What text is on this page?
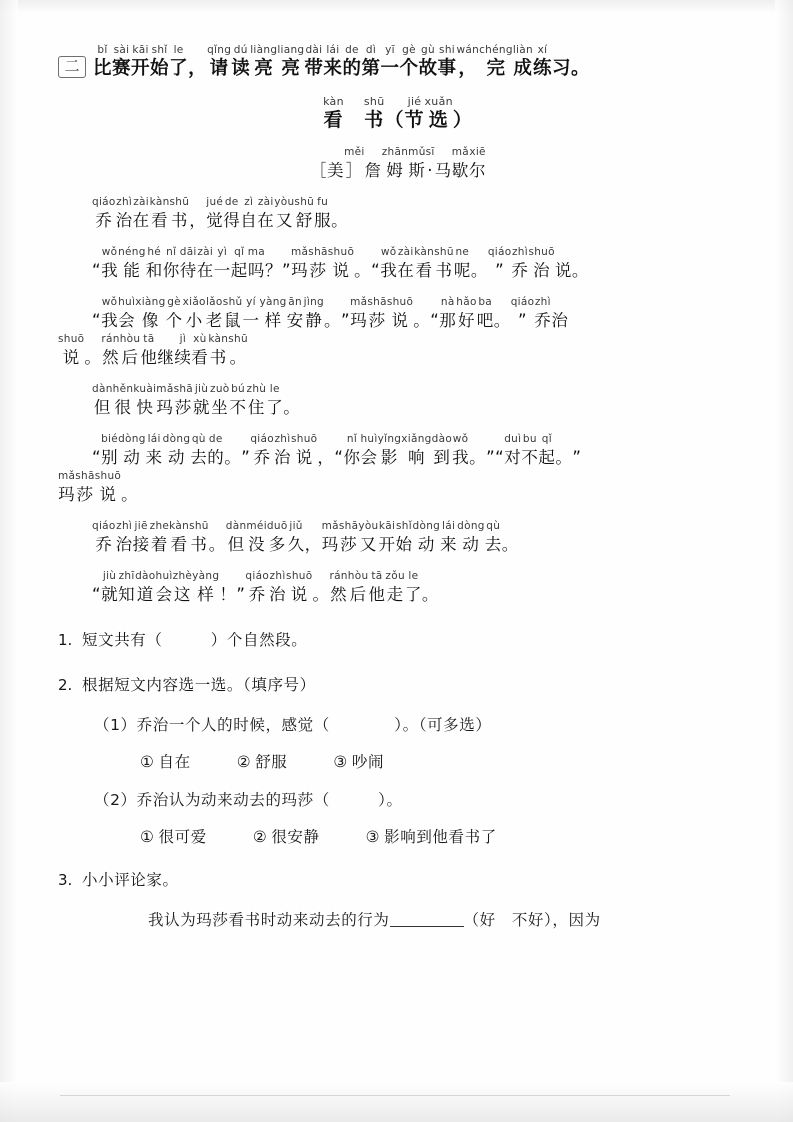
二
bǐ
比
sài
赛
kāi
开
shǐ
始
le
了
，
qǐng
请
dú
读
liàng
亮
liang
亮
dài
带
lái
来
de
的
dì
第
yī
一
gè
个
gù
故
shi
事
wán
，
chéng
完
liàn
成
xí
练
习
。
kàn
看

shū
书
（
jié
节
xuǎn
选
）

［
美
měi
］
詹
zhān
姆
mǔ
斯
sī
·
马
mǎ
歇
xiē
尔
qiáo
乔
zhì
治
zài
在
kàn
看
shū
书
，
jué
觉
de
得
zì
自
zài
在
yòu
又
shū
舒
fu
服
。

“
wǒ
我
néng
能
hé
和
nǐ
你
dāi
待
zài
在
yì
一
qǐ
起
ma
吗
？
”
mǎ
玛
shā
莎
shuō
说
。
“
wǒ
我
zài
在
kàn
看
shū
书
ne
呢
。
qiáo
”
zhì
乔
shuō
治
说
。

“
wǒ
我
huì
会
xiàng
像
gè
个
xiǎo
小
lǎo
老
shǔ
鼠
yí
一
yàng
样
ān
安
jìng
静
。
”
mǎ
玛
shā
莎
shuō
说
。
“
nà
那
hǎo
好
ba
吧
。
qiáo
”
zhì
乔
治
shuō
说
。
rán
然
hòu
后
tā
他
继
jì
续
xù
看
kàn
书
shū
。
dàn
但
hěn
很
kuài
快
mǎ
玛
shā
莎
jiù
就
zuò
坐
bú
不
zhù
住
le
了
。

“
bié
别
dòng
动
lái
来
dòng
动
qù
去
de
的
。
”
qiáo
乔
zhì
治
shuō
说
，
“
nǐ
你
huì
会
yǐng
影
xiǎng
响
dào
到
wǒ
我
。
”
“
duì
对
bu
不
qǐ
起
。
”
mǎ
玛
shā
莎
shuō
说
。
qiáo
乔
zhì
治
jiē
接
zhe
着
kàn
看
shū
书
。
dàn
但
méi
没
duō
多
jiǔ
久
，
mǎ
玛
shā
莎
yòu
又
kāi
开
shǐ
始
dòng
动
lái
来
dòng
动
qù
去
。

“
jiù
就
zhī
知
dào
道
huì
会
zhè
这
yàng
样
！
”
qiáo
乔
zhì
治
shuō
说
。
rán
然
hòu
后
tā
他
zǒu
走
le
了
。
1. 短文共有（　　　）个自然段。
2. 根据短文内容选一选。（填序号）
（1）乔治一个人的时候，感觉（　　　　）。（可多选）
① 自在	② 舒服	③ 吵闹
（2）乔治认为动来动去的玛莎（　　　）。
① 很可爱	② 很安静	③ 影响到他看书了
3. 小小评论家。
我认为玛莎看书时动来动去的行为	（好　不好），因为
